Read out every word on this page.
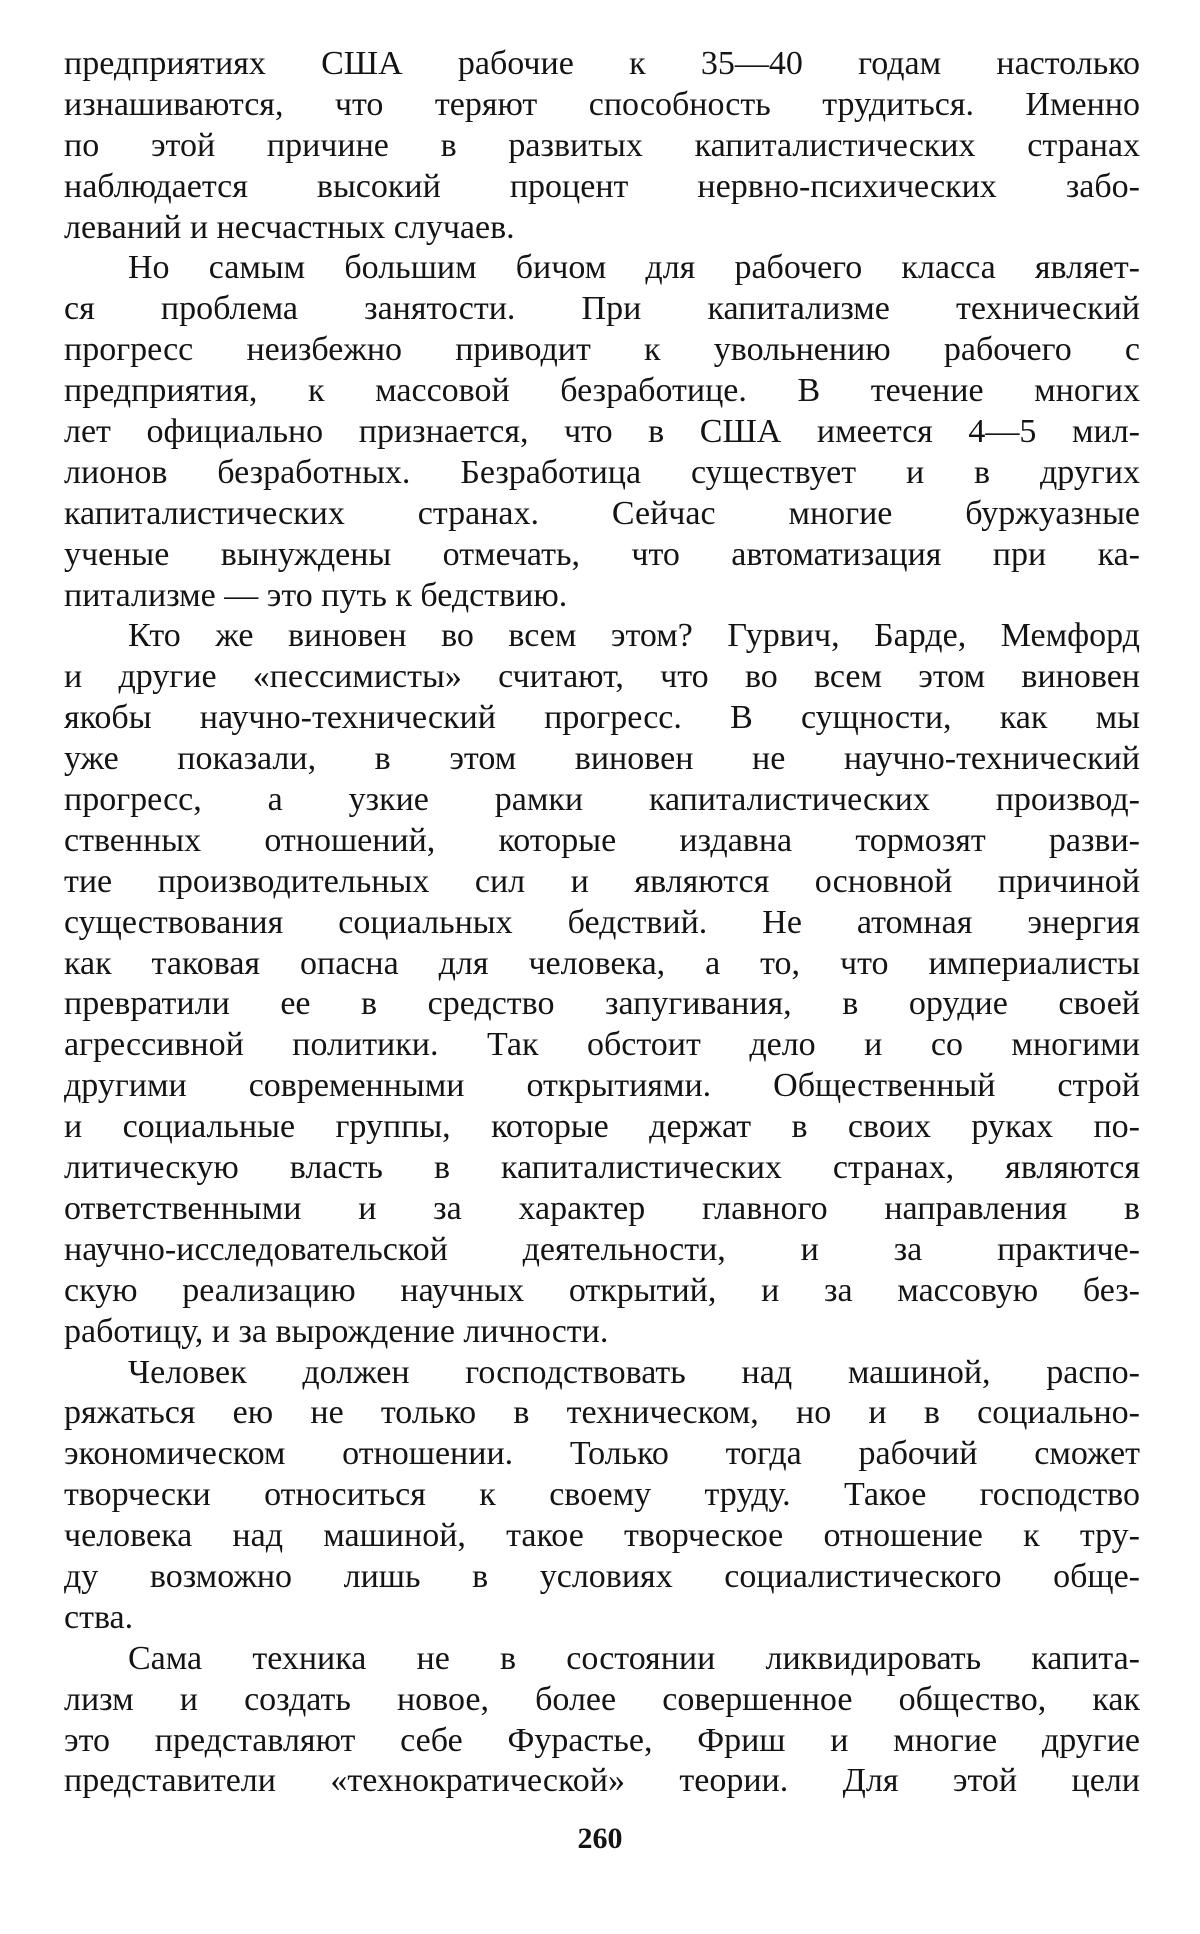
предприятиях США рабочие к 35—40 годам настолько
изнашиваются, что теряют способность трудиться. Именно
по этой причине в развитых капиталистических странах
наблюдается высокий процент нервно-психических забо-
леваний и несчастных случаев.
Но самым большим бичом для рабочего класса являет-
ся проблема занятости. При капитализме технический
прогресс неизбежно приводит к увольнению рабочего с
предприятия, к массовой безработице. В течение многих
лет официально признается, что в США имеется 4—5 мил-
лионов безработных. Безработица существует и в других
капиталистических странах. Сейчас многие буржуазные
ученые вынуждены отмечать, что автоматизация при ка-
питализме — это путь к бедствию.
Кто же виновен во всем этом? Гурвич, Барде, Мемфорд
и другие «пессимисты» считают, что во всем этом виновен
якобы научно-технический прогресс. В сущности, как мы
уже показали, в этом виновен не научно-технический
прогресс, а узкие рамки капиталистических производ-
ственных отношений, которые издавна тормозят разви-
тие производительных сил и являются основной причиной
существования социальных бедствий. Не атомная энергия
как таковая опасна для человека, а то, что империалисты
превратили ее в средство запугивания, в орудие своей
агрессивной политики. Так обстоит дело и со многими
другими современными открытиями. Общественный строй
и социальные группы, которые держат в своих руках по-
литическую власть в капиталистических странах, являются
ответственными и за характер главного направления в
научно-исследовательской деятельности, и за практиче-
скую реализацию научных открытий, и за массовую без-
работицу, и за вырождение личности.
Человек должен господствовать над машиной, распо-
ряжаться ею не только в техническом, но и в социально-
экономическом отношении. Только тогда рабочий сможет
творчески относиться к своему труду. Такое господство
человека над машиной, такое творческое отношение к тру-
ду возможно лишь в условиях социалистического обще-
ства.
Сама техника не в состоянии ликвидировать капита-
лизм и создать новое, более совершенное общество, как
это представляют себе Фурастье, Фриш и многие другие
представители «технократической» теории. Для этой цели
260
